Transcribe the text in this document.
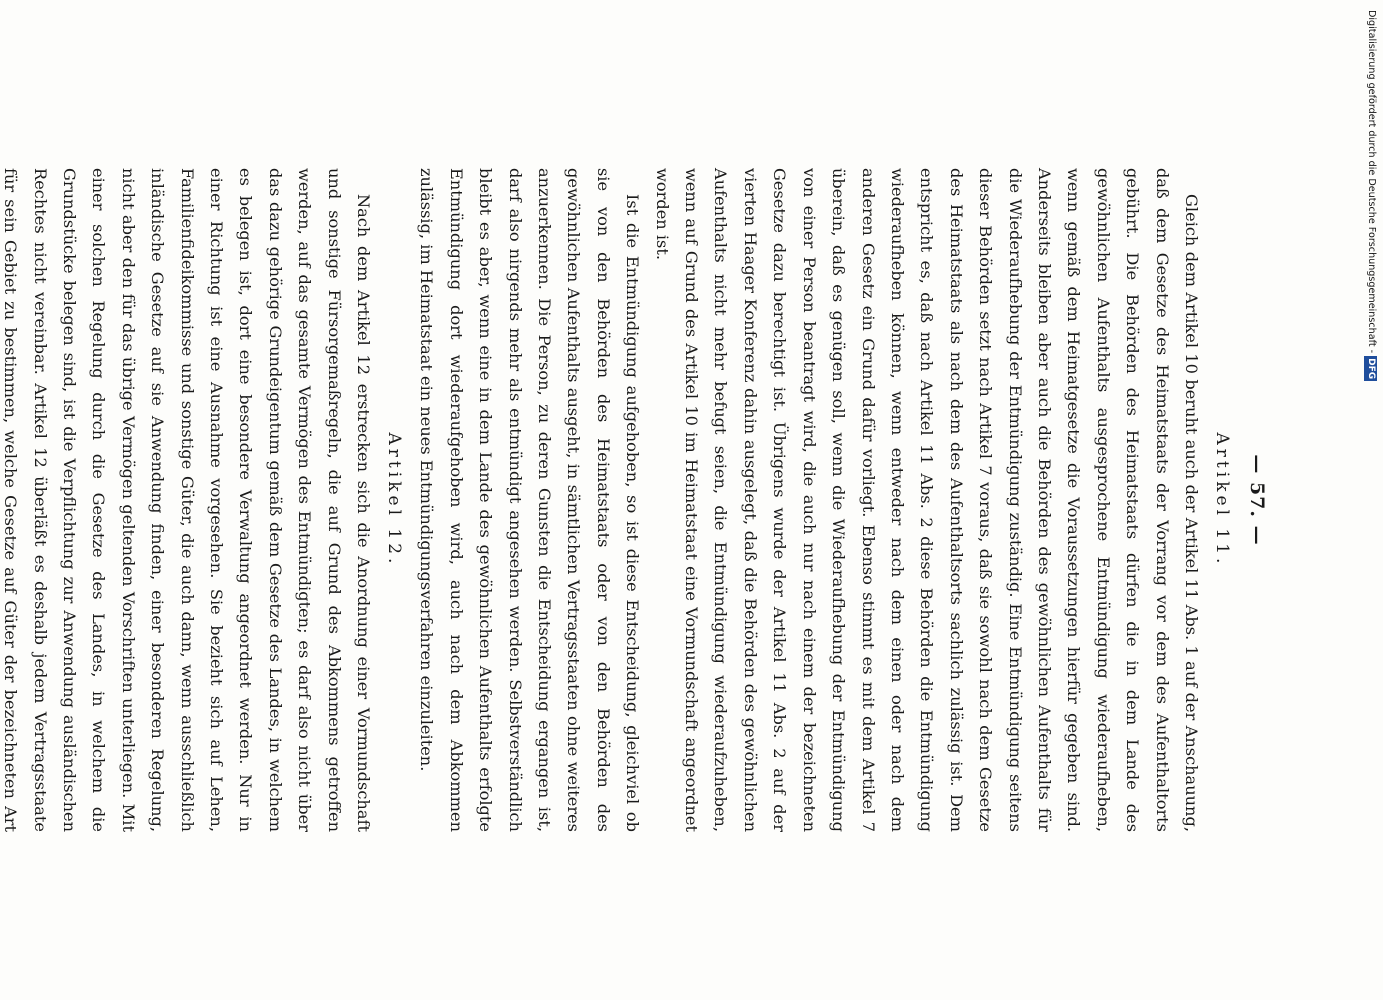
— 57. —
Artikel 11.

Gleich dem Artikel 10 beruht auch der Artikel 11 Abs. 1 auf der Anschauung, daß dem Gesetze des Heimatstaats der Vorrang vor dem des Aufenthaltorts gebührt. Die Behörden des Heimatstaats dürfen die in dem Lande des gewöhnlichen Aufenthalts ausgesprochene Entmündigung wiederaufheben, wenn gemäß dem Heimatgesetze die Voraussetzungen hierfür gegeben sind. Anderseits bleiben aber auch die Behörden des gewöhnlichen Aufenthalts für die Wiederaufhebung der Entmündigung zuständig. Eine Entmündigung seitens dieser Behörden setzt nach Artikel 7 voraus, daß sie sowohl nach dem Gesetze des Heimatstaats als nach dem des Aufenthaltsorts sachlich zulässig ist. Dem entspricht es, daß nach Artikel 11 Abs. 2 diese Behörden die Entmündigung wiederaufheben können, wenn entweder nach dem einen oder nach dem anderen Gesetz ein Grund dafür vorliegt. Ebenso stimmt es mit dem Artikel 7 überein, daß es genügen soll, wenn die Wiederaufhebung der Entmündigung von einer Person beantragt wird, die auch nur nach einem der bezeichneten Gesetze dazu berechtigt ist. Übrigens wurde der Artikel 11 Abs. 2 auf der vierten Haager Konferenz dahin ausgelegt, daß die Behörden des gewöhnlichen Aufenthalts nicht mehr befugt seien, die Entmündigung wiederaufzuheben, wenn auf Grund des Artikel 10 im Heimatstaat eine Vormundschaft angeordnet worden ist.

Ist die Entmündigung aufgehoben, so ist diese Entscheidung, gleichviel ob sie von den Behörden des Heimatstaats oder von den Behörden des gewöhnlichen Aufenthalts ausgeht, in sämtlichen Vertragsstaaten ohne weiteres anzuerkennen. Die Person, zu deren Gunsten die Entscheidung ergangen ist, darf also nirgends mehr als entmündigt angesehen werden. Selbstverständlich bleibt es aber, wenn eine in dem Lande des gewöhnlichen Aufenthalts erfolgte Entmündigung dort wiederaufgehoben wird, auch nach dem Abkommen zulässig, im Heimatstaat ein neues Entmündigungsverfahren einzuleiten.

Artikel 12.

Nach dem Artikel 12 erstrecken sich die Anordnung einer Vormundschaft und sonstige Fürsorgemaßregeln, die auf Grund des Abkommens getroffen werden, auf das gesamte Vermögen des Entmündigten; es darf also nicht über das dazu gehörige Grundeigentum gemäß dem Gesetze des Landes, in welchem es belegen ist, dort eine besondere Verwaltung angeordnet werden. Nur in einer Richtung ist eine Ausnahme vorgesehen. Sie bezieht sich auf Lehen, Familienfideikommisse und sonstige Güter, die auch dann, wenn ausschließlich inländische Gesetze auf sie Anwendung finden, einer besonderen Regelung, nicht aber den für das übrige Vermögen geltenden Vorschriften unterliegen. Mit einer solchen Regelung durch die Gesetze des Landes, in welchem die Grundstücke belegen sind, ist die Verpflichtung zur Anwendung ausländischen Rechtes nicht vereinbar. Artikel 12 überläßt es deshalb jedem Vertragsstaate für sein Gebiet zu bestimmen, welche Gesetze auf Güter der bezeichneten Art

Digitalisierung gefördert durch die Deutsche Forschungsgemeinschaft -
DFG
